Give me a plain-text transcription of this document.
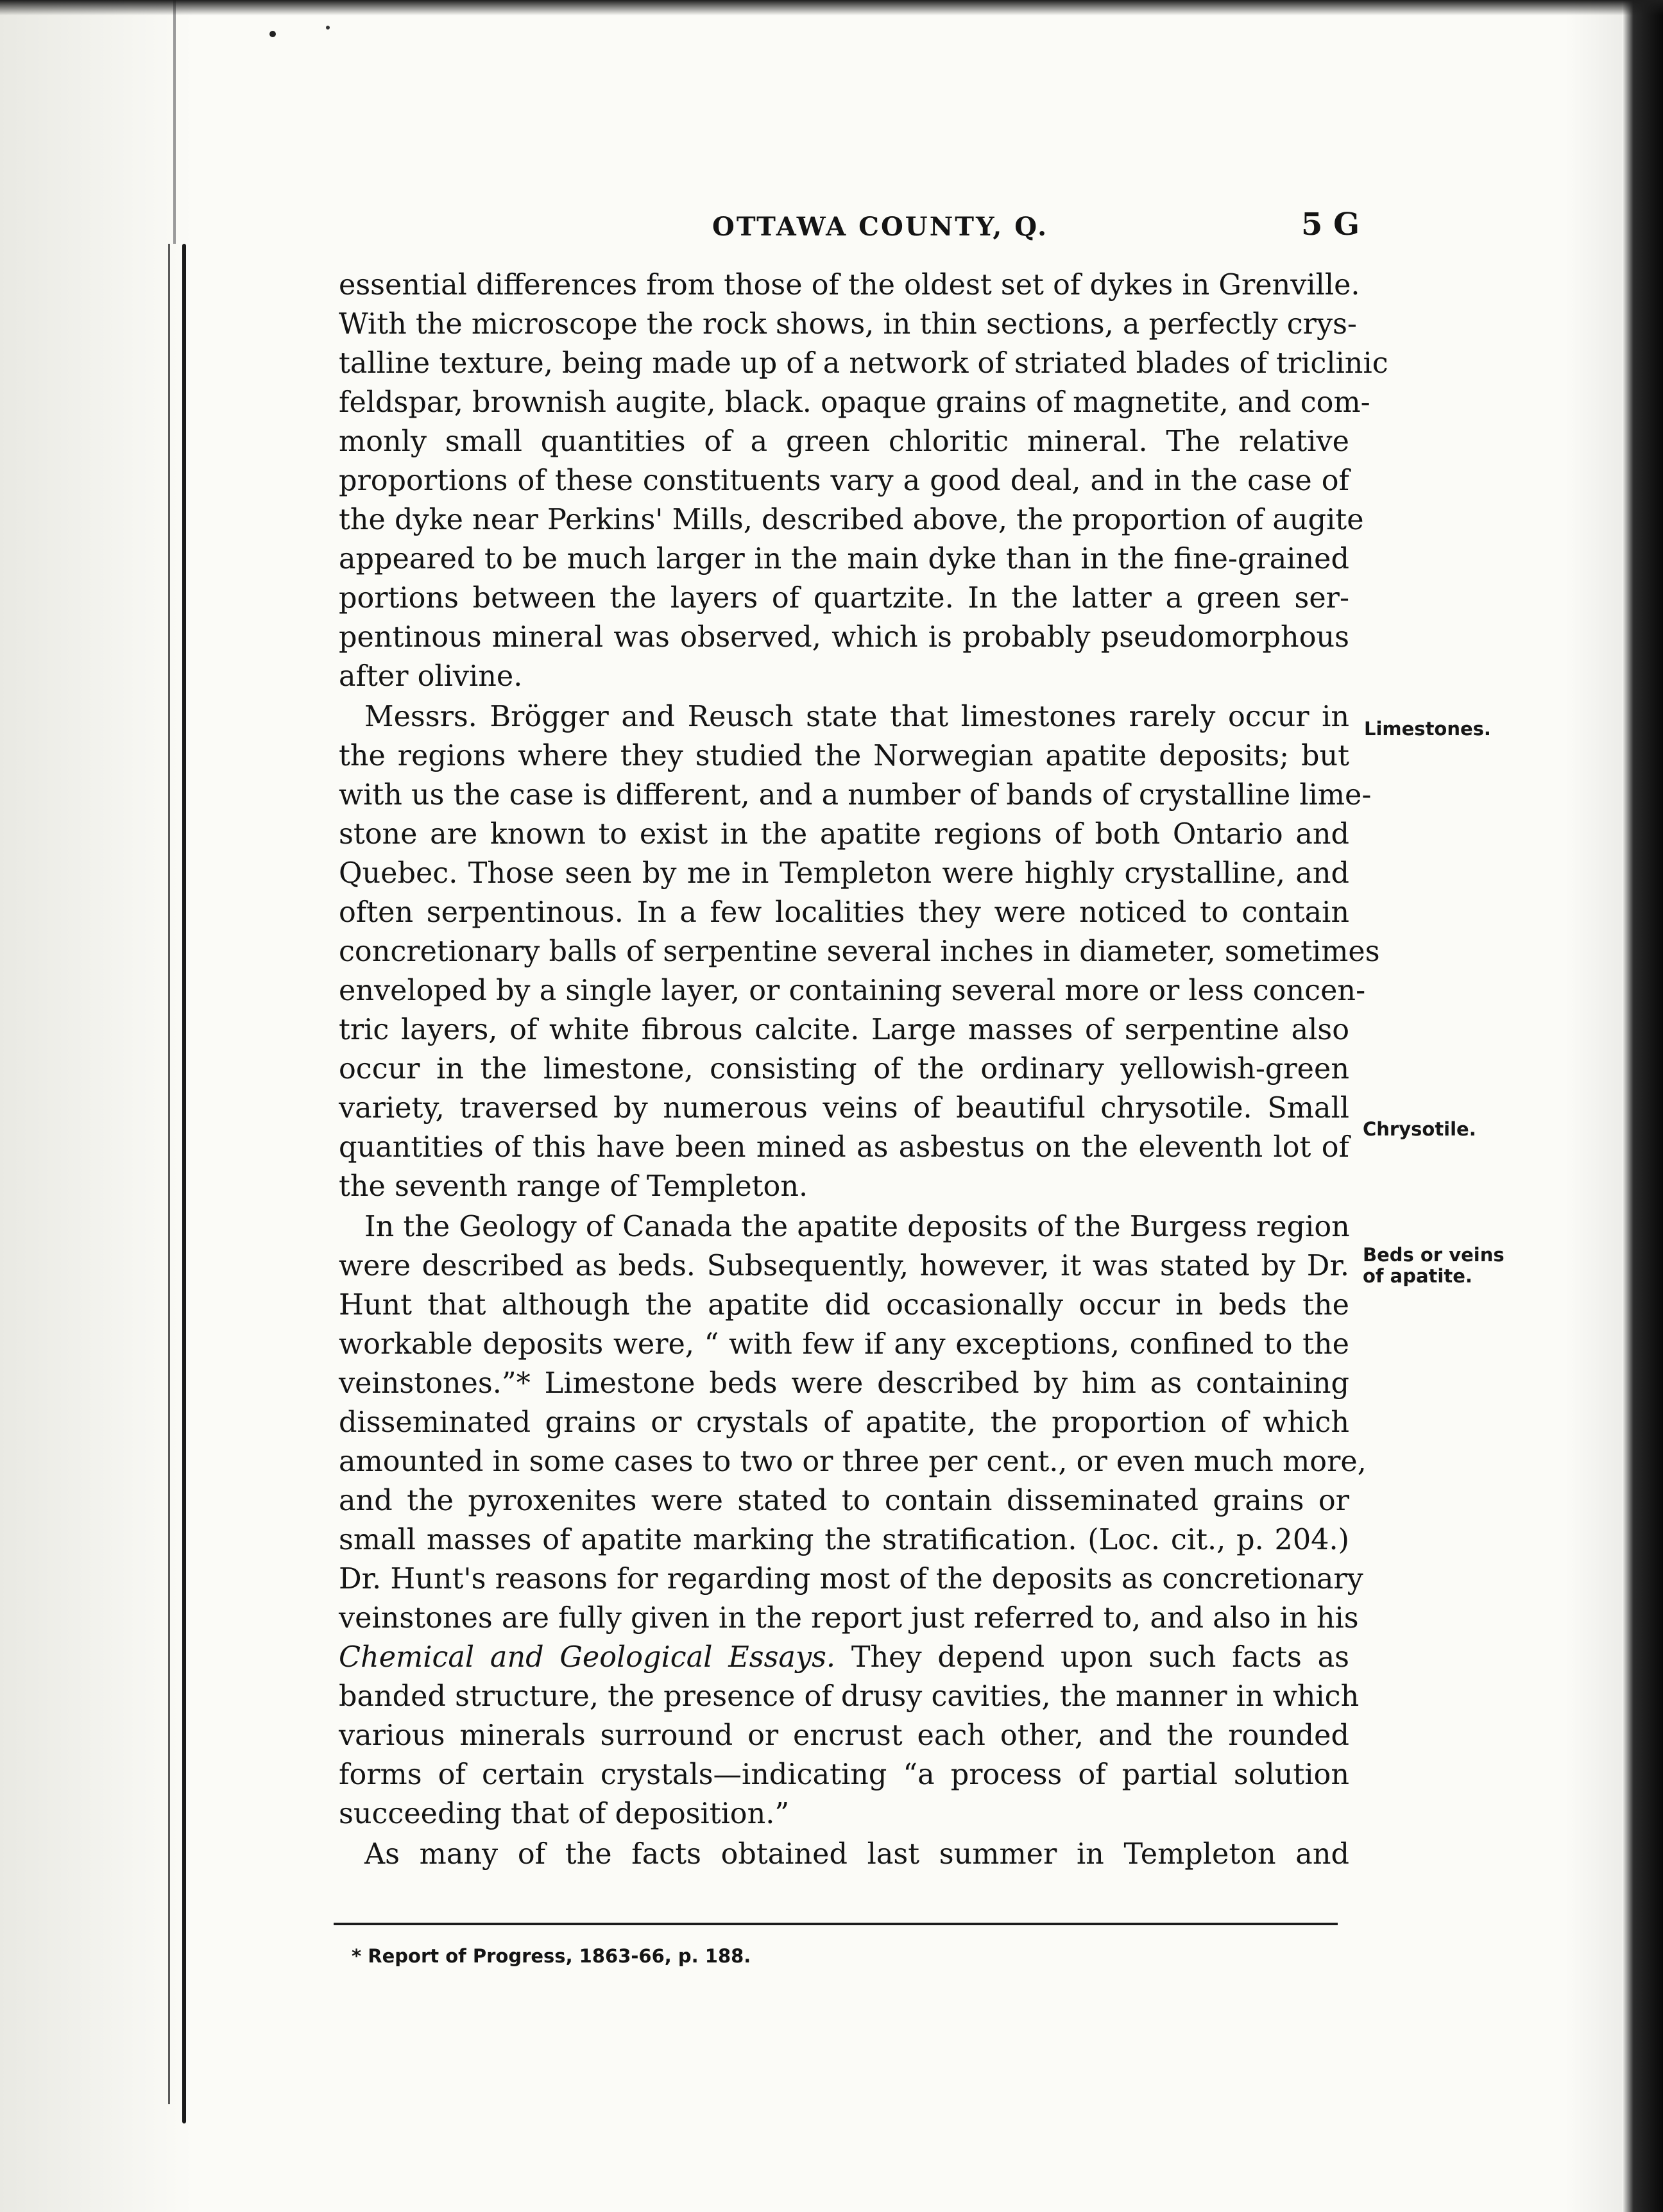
OTTAWA COUNTY, Q.	5 G
essential differences from those of the oldest set of dykes in Grenville.
With the microscope the rock shows, in thin sections, a perfectly crys-
talline texture, being made up of a network of striated blades of triclinic
feldspar, brownish augite, black. opaque grains of magnetite, and com-
monly small quantities of a green chloritic mineral. The relative
proportions of these constituents vary a good deal, and in the case of
the dyke near Perkins' Mills, described above, the proportion of augite
appeared to be much larger in the main dyke than in the fine-grained
portions between the layers of quartzite. In the latter a green ser-
pentinous mineral was observed, which is probably pseudomorphous
after olivine.
Messrs. Brögger and Reusch state that limestones rarely occur in
the regions where they studied the Norwegian apatite deposits; but
with us the case is different, and a number of bands of crystalline lime-
stone are known to exist in the apatite regions of both Ontario and
Quebec. Those seen by me in Templeton were highly crystalline, and
often serpentinous. In a few localities they were noticed to contain
concretionary balls of serpentine several inches in diameter, sometimes
enveloped by a single layer, or containing several more or less concen-
tric layers, of white fibrous calcite. Large masses of serpentine also
occur in the limestone, consisting of the ordinary yellowish-green
variety, traversed by numerous veins of beautiful chrysotile. Small
quantities of this have been mined as asbestus on the eleventh lot of
the seventh range of Templeton.
In the Geology of Canada the apatite deposits of the Burgess region
were described as beds. Subsequently, however, it was stated by Dr.
Hunt that although the apatite did occasionally occur in beds the
workable deposits were, “ with few if any exceptions, confined to the
veinstones.”* Limestone beds were described by him as containing
disseminated grains or crystals of apatite, the proportion of which
amounted in some cases to two or three per cent., or even much more,
and the pyroxenites were stated to contain disseminated grains or
small masses of apatite marking the stratification. (Loc. cit., p. 204.)
Dr. Hunt's reasons for regarding most of the deposits as concretionary
veinstones are fully given in the report just referred to, and also in his
Chemical and Geological Essays. They depend upon such facts as
banded structure, the presence of drusy cavities, the manner in which
various minerals surround or encrust each other, and the rounded
forms of certain crystals—indicating “a process of partial solution
succeeding that of deposition.”
As many of the facts obtained last summer in Templeton and
Limestones.
Chrysotile.
Beds or veins
of apatite.
* Report of Progress, 1863-66, p. 188.
